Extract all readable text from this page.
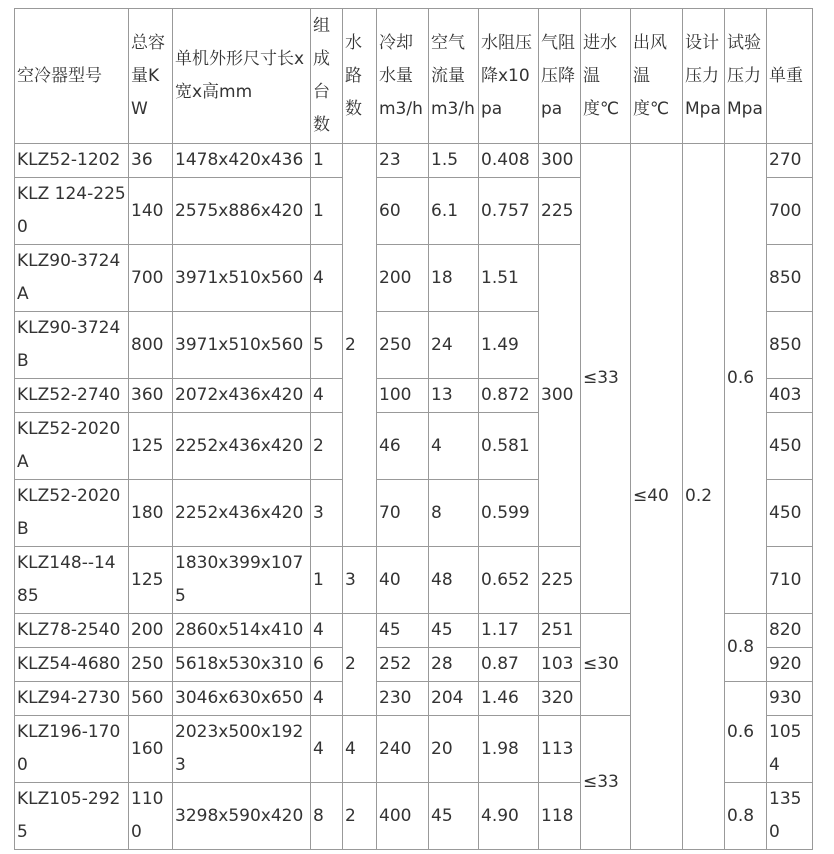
空冷器型号	总容量KW	单机外形尺寸长x宽x高mm	组成台数	水路数	冷却水量m3/h	空气流量m3/h	水阻压降x10pa	气阻压降pa	进水温度℃	出风温度℃	设计压力Mpa	试验压力Mpa	单重
KLZ52-1202	36	1478x420x436	1	2	23	1.5	0.408	300	≤33	≤40	0.2	0.6	270
KLZ 124-2250	140	2575x886x420	1		60	6.1	0.757	225					700
KLZ90-3724A	700	3971x510x560	4		200	18	1.51	300					850
KLZ90-3724B	800	3971x510x560	5		250	24	1.49						850
KLZ52-2740	360	2072x436x420	4		100	13	0.872						403
KLZ52-2020A	125	2252x436x420	2		46	4	0.581						450
KLZ52-2020B	180	2252x436x420	3		70	8	0.599						450
KLZ148--1485	125	1830x399x1075	1	3	40	48	0.652	225					710
KLZ78-2540	200	2860x514x410	4	2	45	45	1.17	251	≤30			0.8	820
KLZ54-4680	250	5618x530x310	6		252	28	0.87	103					920
KLZ94-2730	560	3046x630x650	4		230	204	1.46	320				0.6	930
KLZ196-1700	160	2023x500x1923	4	4	240	20	1.98	113	≤33				1054
KLZ105-2925	1100	3298x590x420	8	2	400	45	4.90	118				0.8	1350
